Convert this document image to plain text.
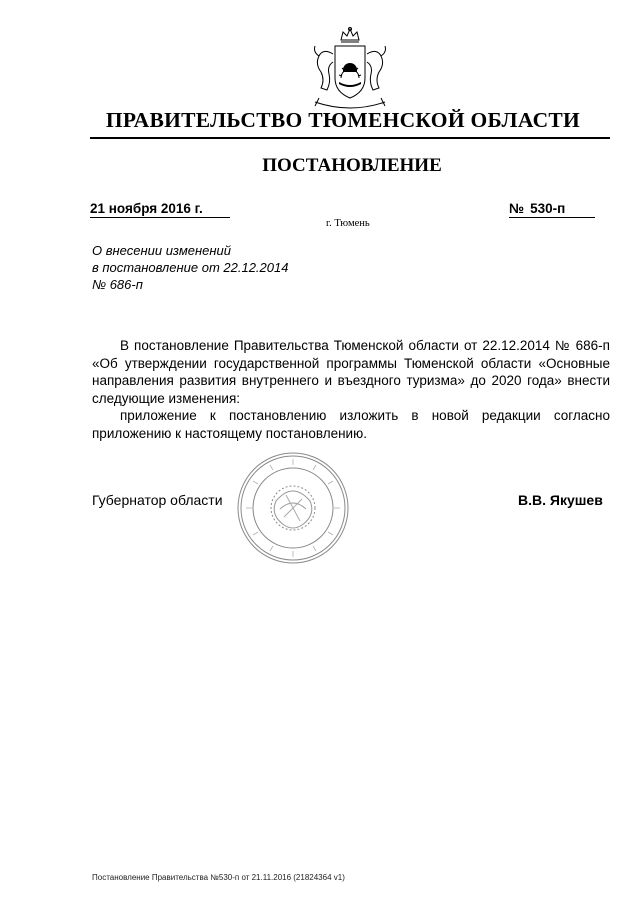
ПРАВИТЕЛЬСТВО ТЮМЕНСКОЙ ОБЛАСТИ
ПОСТАНОВЛЕНИЕ
21 ноября 2016 г.	№ 530-п
г. Тюмень
О внесении изменений
в постановление от 22.12.2014
№ 686-п

В постановление Правительства Тюменской области от 22.12.2014 № 686-п «Об утверждении государственной программы Тюменской области «Основные направления развития внутреннего и въездного туризма» до 2020 года» внести следующие изменения:

приложение к постановлению изложить в новой редакции согласно приложению к настоящему постановлению.

Губернатор области	В.В. Якушев
Постановление Правительства №530-п от 21.11.2016 (21824364 v1)
